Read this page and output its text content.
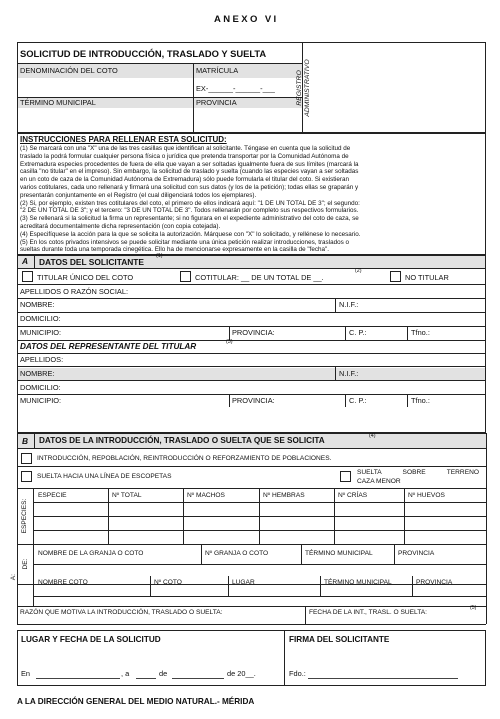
ANEXO VI
SOLICITUD DE INTRODUCCIÓN, TRASLADO Y SUELTA
DENOMINACIÓN DEL COTO	MATRÍCULA
EX-______-______-___
TÉRMINO MUNICIPAL	PROVINCIA	REGISTRO ADMINISTRATIVO
INSTRUCCIONES PARA RELLENAR ESTA SOLICITUD:
(1) Se marcará con una "X" una de las tres casillas que identifican al solicitante. Téngase en cuenta que la solicitud de
traslado la podrá formular cualquier persona física o jurídica que pretenda transportar por la Comunidad Autónoma de
Extremadura especies procedentes de fuera de ella que vayan a ser soltadas igualmente fuera de sus límites (marcará la
casilla "no titular" en el impreso). Sin embargo, la solicitud de traslado y suelta (cuando las especies vayan a ser soltadas
en un coto de caza de la Comunidad Autónoma de Extremadura) sólo puede formularla el titular del coto. Si existieran
varios cotitulares, cada uno rellenará y firmará una solicitud con sus datos (y los de la petición); todas ellas se graparán y
presentarán conjuntamente en el Registro (el cual diligenciará todos los ejemplares).
(2) Si, por ejemplo, existen tres cotitulares del coto, el primero de ellos indicará aquí: "1 DE UN TOTAL DE 3"; el segundo:
"2 DE UN TOTAL DE 3"; y el tercero: "3 DE UN TOTAL DE 3". Todos rellenarán por completo sus respectivos formularios.
(3) Se rellenará si la solicitud la firma un representante; si no figurara en el expediente administrativo del coto de caza, se
acreditará documentalmente dicha representación (con copia cotejada).
(4) Especifíquese la acción para la que se solicita la autorización. Márquese con "X" lo solicitado, y rellénese lo necesario.
(5) En los cotos privados intensivos se puede solicitar mediante una única petición realizar introducciones, traslados o
sueltas durante toda una temporada cinegética. Ello ha de mencionarse expresamente en la casilla de "fecha".
A DATOS DEL SOLICITANTE
(1)
TITULAR ÚNICO DEL COTO	COTITULAR: __ DE UN TOTAL DE __.
(2)
NO TITULAR
APELLIDOS O RAZÓN SOCIAL:
NOMBRE:	N.I.F.:
DOMICILIO:
MUNICIPIO:	PROVINCIA:	C. P.:	Tfno.:
DATOS DEL REPRESENTANTE DEL TITULAR	(3)
APELLIDOS:
NOMBRE:	N.I.F.:
DOMICILIO:
MUNICIPIO:	PROVINCIA:	C. P.:	Tfno.:
B DATOS DE LA INTRODUCCIÓN, TRASLADO O SUELTA QUE SE SOLICITA	(4)
INTRODUCCIÓN, REPOBLACIÓN, REINTRODUCCIÓN O REFORZAMIENTO DE POBLACIONES.
SUELTA HACIA UNA LÍNEA DE ESCOPETAS
SUELTA SOBRE TERRENO
CAZA MENOR
ESPECIES:
ESPECIE	Nº TOTAL	Nº MACHOS	Nº HEMBRAS	Nº CRÍAS	Nº HUEVOS
DE:
NOMBRE DE LA GRANJA O COTO	Nº GRANJA O COTO	TÉRMINO MUNICIPAL	PROVINCIA
A:
NOMBRE COTO	Nº COTO	LUGAR	TÉRMINO MUNICIPAL	PROVINCIA
RAZÓN QUE MOTIVA LA INTRODUCCIÓN, TRASLADO O SUELTA:	FECHA DE LA INT., TRASL. O SUELTA:
(5)
LUGAR Y FECHA DE LA SOLICITUD	FIRMA DEL SOLICITANTE
En	, a	de	de 20__.	Fdo.:
A LA DIRECCIÓN GENERAL DEL MEDIO NATURAL.- MÉRIDA
